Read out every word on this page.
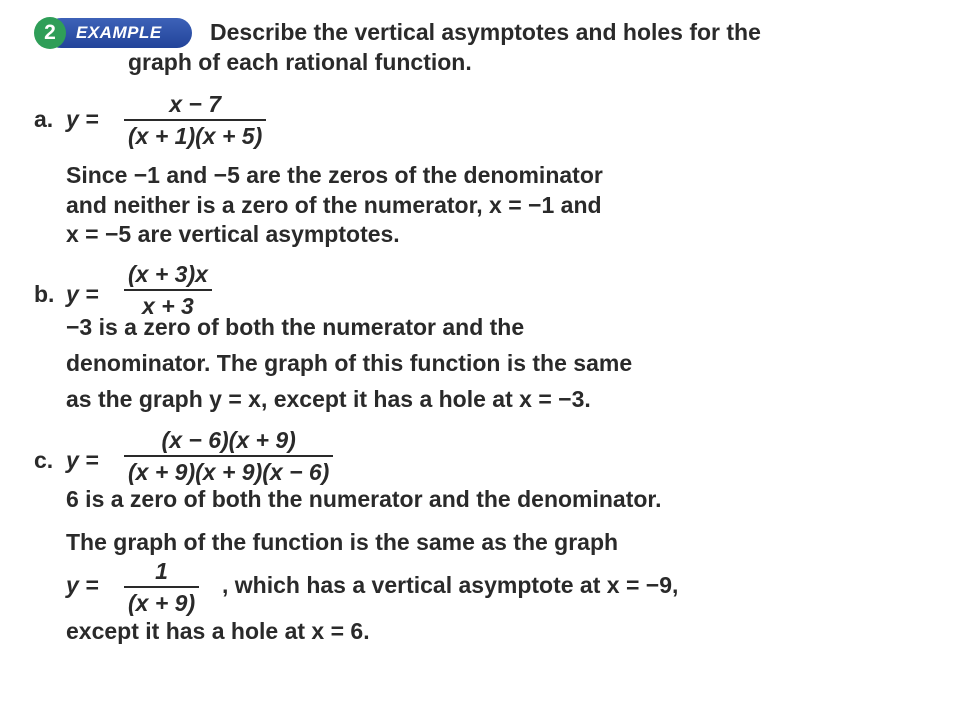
2	EXAMPLE Describe the vertical asymptotes and holes for the
graph of each rational function.
a. y =
x − 7
(x + 1)(x + 5)
Since −1 and −5 are the zeros of the denominator
and neither is a zero of the numerator, x = −1 and
x = −5 are vertical asymptotes.
b. y =
(x + 3)x
x + 3
−3 is a zero of both the numerator and the
denominator. The graph of this function is the same
as the graph y = x, except it has a hole at x = −3.
c. y =
(x − 6)(x + 9)
(x + 9)(x + 9)(x − 6)
6 is a zero of both the numerator and the denominator.
The graph of the function is the same as the graph
y =
1
(x + 9)
, which has a vertical asymptote at x = −9,
except it has a hole at x = 6.
